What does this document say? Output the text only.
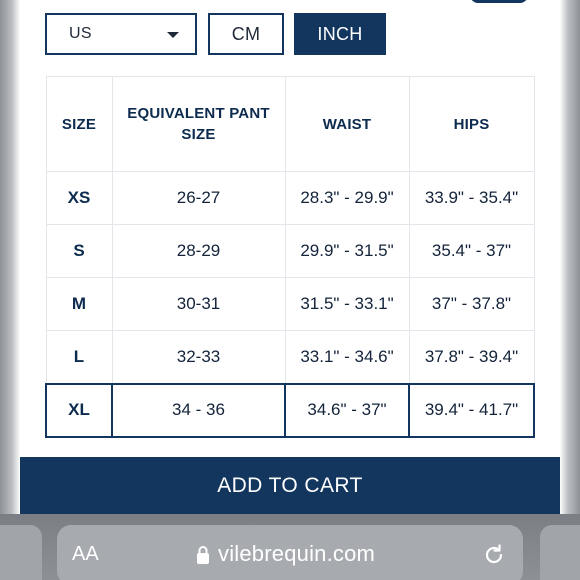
US	CM	INCH
SIZE	EQUIVALENT PANT SIZE	WAIST	HIPS
XS	26-27	28.3" - 29.9"	33.9" - 35.4"
S	28-29	29.9" - 31.5"	35.4" - 37"
M	30-31	31.5" - 33.1"	37" - 37.8"
L	32-33	33.1" - 34.6"	37.8" - 39.4"
XL	34 - 36	34.6" - 37"	39.4" - 41.7"
ADD TO CART
AA	vilebrequin.com
